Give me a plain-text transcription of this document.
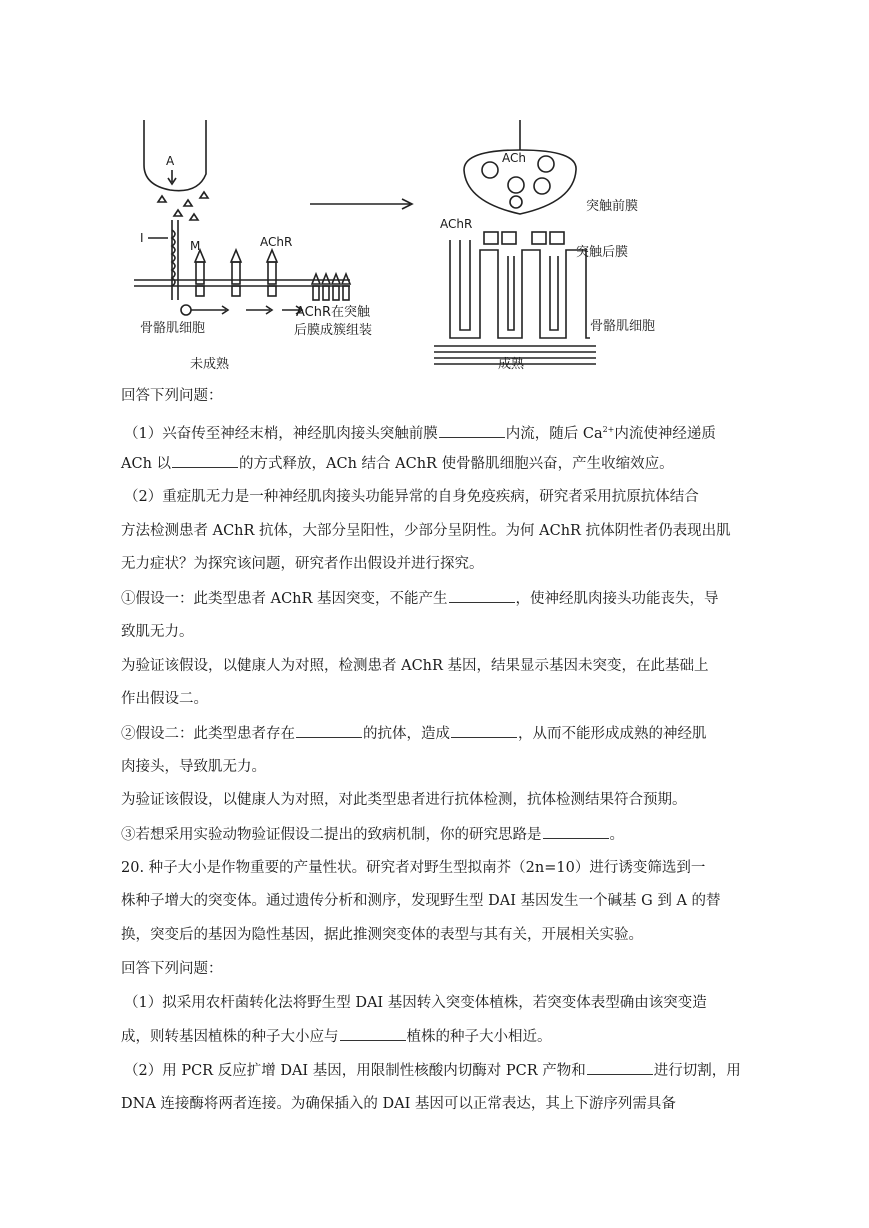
A
I
M	AChR
骨骼肌细胞
AChR在突触
后膜成簇组装
未成熟
ACh
突触前膜
AChR
突触后膜
骨骼肌细胞
成熟
回答下列问题：
（1）兴奋传至神经末梢，神经肌肉接头突触前膜	内流，随后 $Ca^{2+}$内流使神经递质
ACh 以	的方式释放，ACh 结合 AChR 使骨骼肌细胞兴奋，产生收缩效应。
（2）重症肌无力是一种神经肌肉接头功能异常的自身免疫疾病，研究者采用抗原抗体结合
方法检测患者 AChR 抗体，大部分呈阳性，少部分呈阴性。为何 AChR 抗体阴性者仍表现出肌
无力症状？为探究该问题，研究者作出假设并进行探究。
①假设一：此类型患者 AChR 基因突变，不能产生	，使神经肌肉接头功能丧失，导
致肌无力。
为验证该假设，以健康人为对照，检测患者 AChR 基因，结果显示基因未突变，在此基础上
作出假设二。
②假设二：此类型患者存在	的抗体，造成	，从而不能形成成熟的神经肌
肉接头，导致肌无力。
为验证该假设，以健康人为对照，对此类型患者进行抗体检测，抗体检测结果符合预期。
③若想采用实验动物验证假设二提出的致病机制，你的研究思路是	。
20. 种子大小是作物重要的产量性状。研究者对野生型拟南芥（2n=10）进行诱变筛选到一
株种子增大的突变体。通过遗传分析和测序，发现野生型 DAI 基因发生一个碱基 G 到 A 的替
换，突变后的基因为隐性基因，据此推测突变体的表型与其有关，开展相关实验。
回答下列问题：
（1）拟采用农杆菌转化法将野生型 DAI 基因转入突变体植株，若突变体表型确由该突变造
成，则转基因植株的种子大小应与	植株的种子大小相近。
（2）用 PCR 反应扩增 DAI 基因，用限制性核酸内切酶对 PCR 产物和	进行切割，用
DNA 连接酶将两者连接。为确保插入的 DAI 基因可以正常表达，其上下游序列需具备
